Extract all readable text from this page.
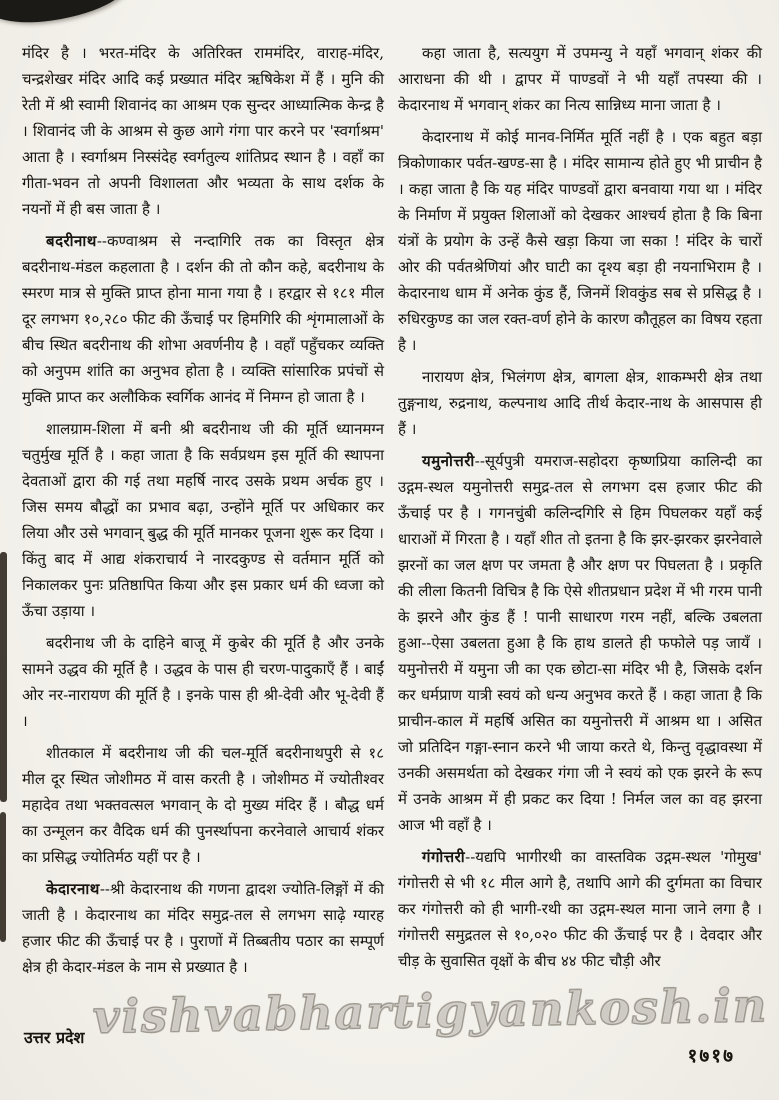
मंदिर है । भरत-मंदिर के अतिरिक्त राममंदिर, वाराह-मंदिर, चन्द्रशेखर मंदिर आदि कई प्रख्यात मंदिर ऋषिकेश में हैं । मुनि की रेती में श्री स्वामी शिवानंद का आश्रम एक सुन्दर आध्यात्मिक केन्द्र है । शिवानंद जी के आश्रम से कुछ आगे गंगा पार करने पर 'स्वर्गाश्रम' आता है । स्वर्गाश्रम निस्संदेह स्वर्गतुल्य शांतिप्रद स्थान है । वहाँ का गीता-भवन तो अपनी विशालता और भव्यता के साथ दर्शक के नयनों में ही बस जाता है ।

बदरीनाथ--कण्वाश्रम से नन्दागिरि तक का विस्तृत क्षेत्र बदरीनाथ-मंडल कहलाता है । दर्शन की तो कौन कहे, बदरीनाथ के स्मरण मात्र से मुक्ति प्राप्त होना माना गया है । हरद्वार से १८१ मील दूर लगभग १०,२८० फीट की ऊँचाई पर हिमगिरि की शृंगमालाओं के बीच स्थित बदरीनाथ की शोभा अवर्णनीय है । वहाँ पहुँचकर व्यक्ति को अनुपम शांति का अनुभव होता है । व्यक्ति सांसारिक प्रपंचों से मुक्ति प्राप्त कर अलौकिक स्वर्गिक आनंद में निमग्न हो जाता है ।

शालग्राम-शिला में बनी श्री बदरीनाथ जी की मूर्ति ध्यानमग्न चतुर्मुख मूर्ति है । कहा जाता है कि सर्वप्रथम इस मूर्ति की स्थापना देवताओं द्वारा की गई तथा महर्षि नारद उसके प्रथम अर्चक हुए । जिस समय बौद्धों का प्रभाव बढ़ा, उन्होंने मूर्ति पर अधिकार कर लिया और उसे भगवान् बुद्ध की मूर्ति मानकर पूजना शुरू कर दिया । किंतु बाद में आद्य शंकराचार्य ने नारदकुण्ड से वर्तमान मूर्ति को निकालकर पुनः प्रतिष्ठापित किया और इस प्रकार धर्म की ध्वजा को ऊँचा उड़ाया ।

बदरीनाथ जी के दाहिने बाजू में कुबेर की मूर्ति है और उनके सामने उद्धव की मूर्ति है । उद्धव के पास ही चरण-पादुकाएँ हैं । बाईं ओर नर-नारायण की मूर्ति है । इनके पास ही श्री-देवी और भू-देवी हैं ।

शीतकाल में बदरीनाथ जी की चल-मूर्ति बदरीनाथपुरी से १८ मील दूर स्थित जोशीमठ में वास करती है । जोशीमठ में ज्योतीश्वर महादेव तथा भक्तवत्सल भगवान् के दो मुख्य मंदिर हैं । बौद्ध धर्म का उन्मूलन कर वैदिक धर्म की पुनर्स्थापना करनेवाले आचार्य शंकर का प्रसिद्ध ज्योतिर्मठ यहीं पर है ।

केदारनाथ--श्री केदारनाथ की गणना द्वादश ज्योति-लिङ्गों में की जाती है । केदारनाथ का मंदिर समुद्र-तल से लगभग साढ़े ग्यारह हजार फीट की ऊँचाई पर है । पुराणों में तिब्बतीय पठार का सम्पूर्ण क्षेत्र ही केदार-मंडल के नाम से प्रख्यात है ।

कहा जाता है, सत्ययुग में उपमन्यु ने यहाँ भगवान् शंकर की आराधना की थी । द्वापर में पाण्डवों ने भी यहाँ तपस्या की । केदारनाथ में भगवान् शंकर का नित्य सान्निध्य माना जाता है ।

केदारनाथ में कोई मानव-निर्मित मूर्ति नहीं है । एक बहुत बड़ा त्रिकोणाकार पर्वत-खण्ड-सा है । मंदिर सामान्य होते हुए भी प्राचीन है । कहा जाता है कि यह मंदिर पाण्डवों द्वारा बनवाया गया था । मंदिर के निर्माण में प्रयुक्त शिलाओं को देखकर आश्चर्य होता है कि बिना यंत्रों के प्रयोग के उन्हें कैसे खड़ा किया जा सका ! मंदिर के चारों ओर की पर्वतश्रेणियां और घाटी का दृश्य बड़ा ही नयनाभिराम है । केदारनाथ धाम में अनेक कुंड हैं, जिनमें शिवकुंड सब से प्रसिद्ध है । रुधिरकुण्ड का जल रक्त-वर्ण होने के कारण कौतूहल का विषय रहता है ।

नारायण क्षेत्र, भिलंगण क्षेत्र, बागला क्षेत्र, शाकम्भरी क्षेत्र तथा तुङ्गनाथ, रुद्रनाथ, कल्पनाथ आदि तीर्थ केदार-नाथ के आसपास ही हैं ।

यमुनोत्तरी--सूर्यपुत्री यमराज-सहोदरा कृष्णप्रिया कालिन्दी का उद्गम-स्थल यमुनोत्तरी समुद्र-तल से लगभग दस हजार फीट की ऊँचाई पर है । गगनचुंबी कलिन्दगिरि से हिम पिघलकर यहाँ कई धाराओं में गिरता है । यहाँ शीत तो इतना है कि झर-झरकर झरनेवाले झरनों का जल क्षण पर जमता है और क्षण पर पिघलता है । प्रकृति की लीला कितनी विचित्र है कि ऐसे शीतप्रधान प्रदेश में भी गरम पानी के झरने और कुंड हैं ! पानी साधारण गरम नहीं, बल्कि उबलता हुआ--ऐसा उबलता हुआ है कि हाथ डालते ही फफोले पड़ जायँ । यमुनोत्तरी में यमुना जी का एक छोटा-सा मंदिर भी है, जिसके दर्शन कर धर्मप्राण यात्री स्वयं को धन्य अनुभव करते हैं । कहा जाता है कि प्राचीन-काल में महर्षि असित का यमुनोत्तरी में आश्रम था । असित जो प्रतिदिन गङ्गा-स्नान करने भी जाया करते थे, किन्तु वृद्धावस्था में उनकी असमर्थता को देखकर गंगा जी ने स्वयं को एक झरने के रूप में उनके आश्रम में ही प्रकट कर दिया ! निर्मल जल का वह झरना आज भी वहाँ है ।

गंगोत्तरी--यद्यपि भागीरथी का वास्तविक उद्गम-स्थल 'गोमुख' गंगोत्तरी से भी १८ मील आगे है, तथापि आगे की दुर्गमता का विचार कर गंगोत्तरी को ही भागी-रथी का उद्गम-स्थल माना जाने लगा है । गंगोत्तरी समुद्रतल से १०,०२० फीट की ऊँचाई पर है । देवदार और चीड़ के सुवासित वृक्षों के बीच ४४ फीट चौड़ी और

vishvabhartigyankosh.in
उत्तर प्रदेश
१७१७
